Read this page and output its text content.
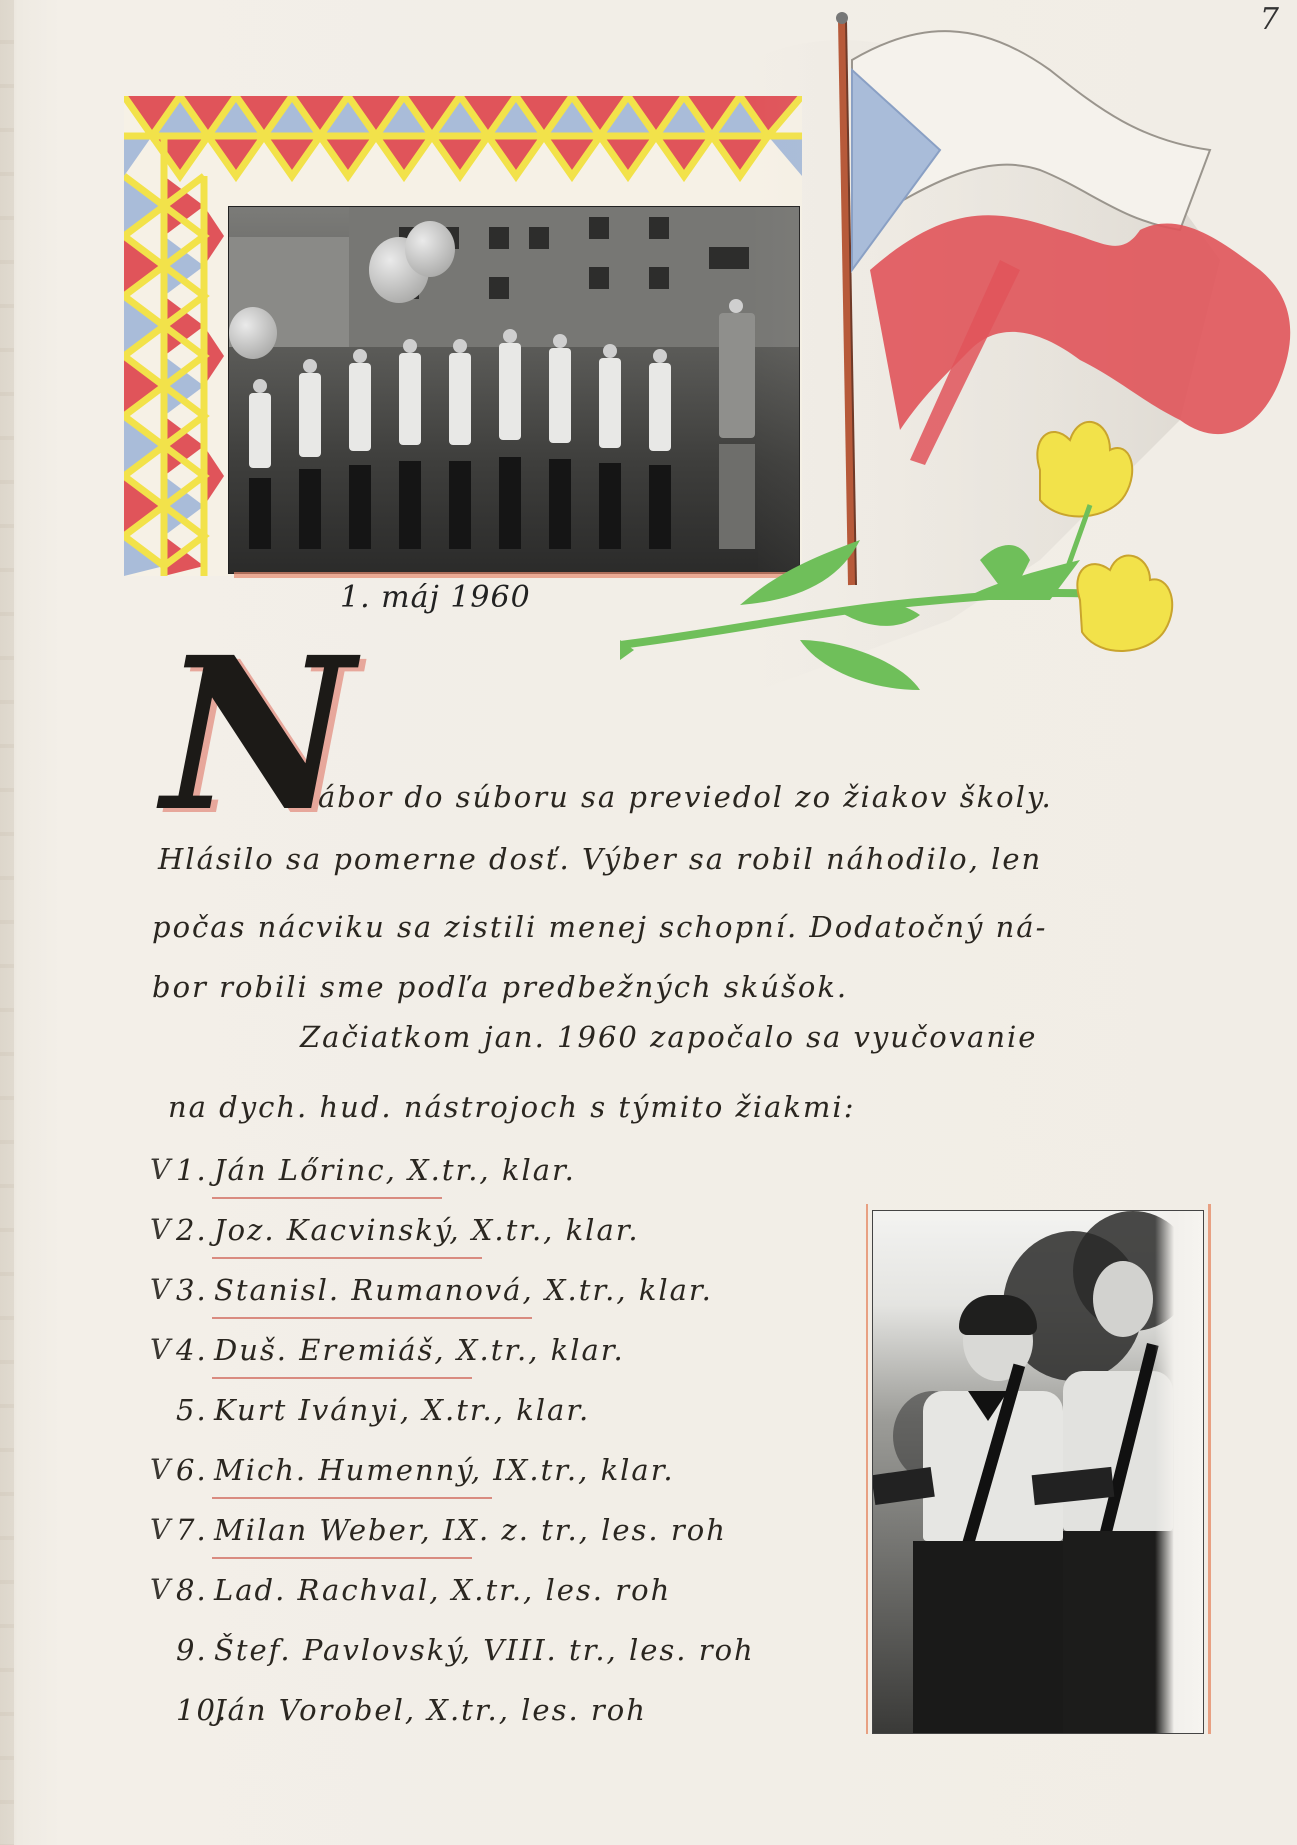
7
1. máj 1960
N
ábor do súboru sa previedol zo žiakov školy.
Hlásilo sa pomerne dosť. Výber sa robil náhodilo, len
počas nácviku sa zistili menej schopní. Dodatočný ná-
bor robili sme podľa predbežných skúšok.
Začiatkom jan. 1960 započalo sa vyučovanie
na dych. hud. nástrojoch s týmito žiakmi:
V 1. Ján Lőrinc, X.tr., klar.
V 2. Joz. Kacvinský, X.tr., klar.
V 3. Stanisl. Rumanová, X.tr., klar.
V 4. Duš. Eremiáš, X.tr., klar.
5. Kurt Iványi, X.tr., klar.
V 6. Mich. Humenný, IX.tr., klar.
V 7. Milan Weber, IX. z. tr., les. roh
V 8. Lad. Rachval, X.tr., les. roh
9. Štef. Pavlovský, VIII. tr., les. roh
10.
Ján Vorobel, X.tr., les. roh
